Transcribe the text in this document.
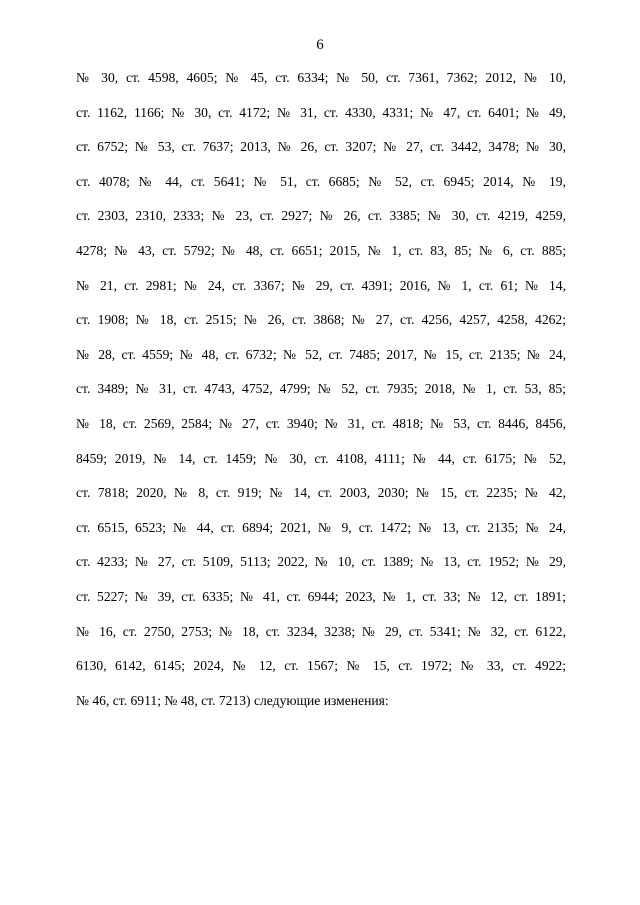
6
№ 30, ст. 4598, 4605; № 45, ст. 6334; № 50, ст. 7361, 7362; 2012, № 10,
ст. 1162, 1166; № 30, ст. 4172; № 31, ст. 4330, 4331; № 47, ст. 6401; № 49,
ст. 6752; № 53, ст. 7637; 2013, № 26, ст. 3207; № 27, ст. 3442, 3478; № 30,
ст. 4078; № 44, ст. 5641; № 51, ст. 6685; № 52, ст. 6945; 2014, № 19,
ст. 2303, 2310, 2333; № 23, ст. 2927; № 26, ст. 3385; № 30, ст. 4219, 4259,
4278; № 43, ст. 5792; № 48, ст. 6651; 2015, № 1, ст. 83, 85; № 6, ст. 885;
№ 21, ст. 2981; № 24, ст. 3367; № 29, ст. 4391; 2016, № 1, ст. 61; № 14,
ст. 1908; № 18, ст. 2515; № 26, ст. 3868; № 27, ст. 4256, 4257, 4258, 4262;
№ 28, ст. 4559; № 48, ст. 6732; № 52, ст. 7485; 2017, № 15, ст. 2135; № 24,
ст. 3489; № 31, ст. 4743, 4752, 4799; № 52, ст. 7935; 2018, № 1, ст. 53, 85;
№ 18, ст. 2569, 2584; № 27, ст. 3940; № 31, ст. 4818; № 53, ст. 8446, 8456,
8459; 2019, № 14, ст. 1459; № 30, ст. 4108, 4111; № 44, ст. 6175; № 52,
ст. 7818; 2020, № 8, ст. 919; № 14, ст. 2003, 2030; № 15, ст. 2235; № 42,
ст. 6515, 6523; № 44, ст. 6894; 2021, № 9, ст. 1472; № 13, ст. 2135; № 24,
ст. 4233; № 27, ст. 5109, 5113; 2022, № 10, ст. 1389; № 13, ст. 1952; № 29,
ст. 5227; № 39, ст. 6335; № 41, ст. 6944; 2023, № 1, ст. 33; № 12, ст. 1891;
№ 16, ст. 2750, 2753; № 18, ст. 3234, 3238; № 29, ст. 5341; № 32, ст. 6122,
6130, 6142, 6145; 2024, № 12, ст. 1567; № 15, ст. 1972; № 33, ст. 4922;
№ 46, ст. 6911; № 48, ст. 7213) следующие изменения:
